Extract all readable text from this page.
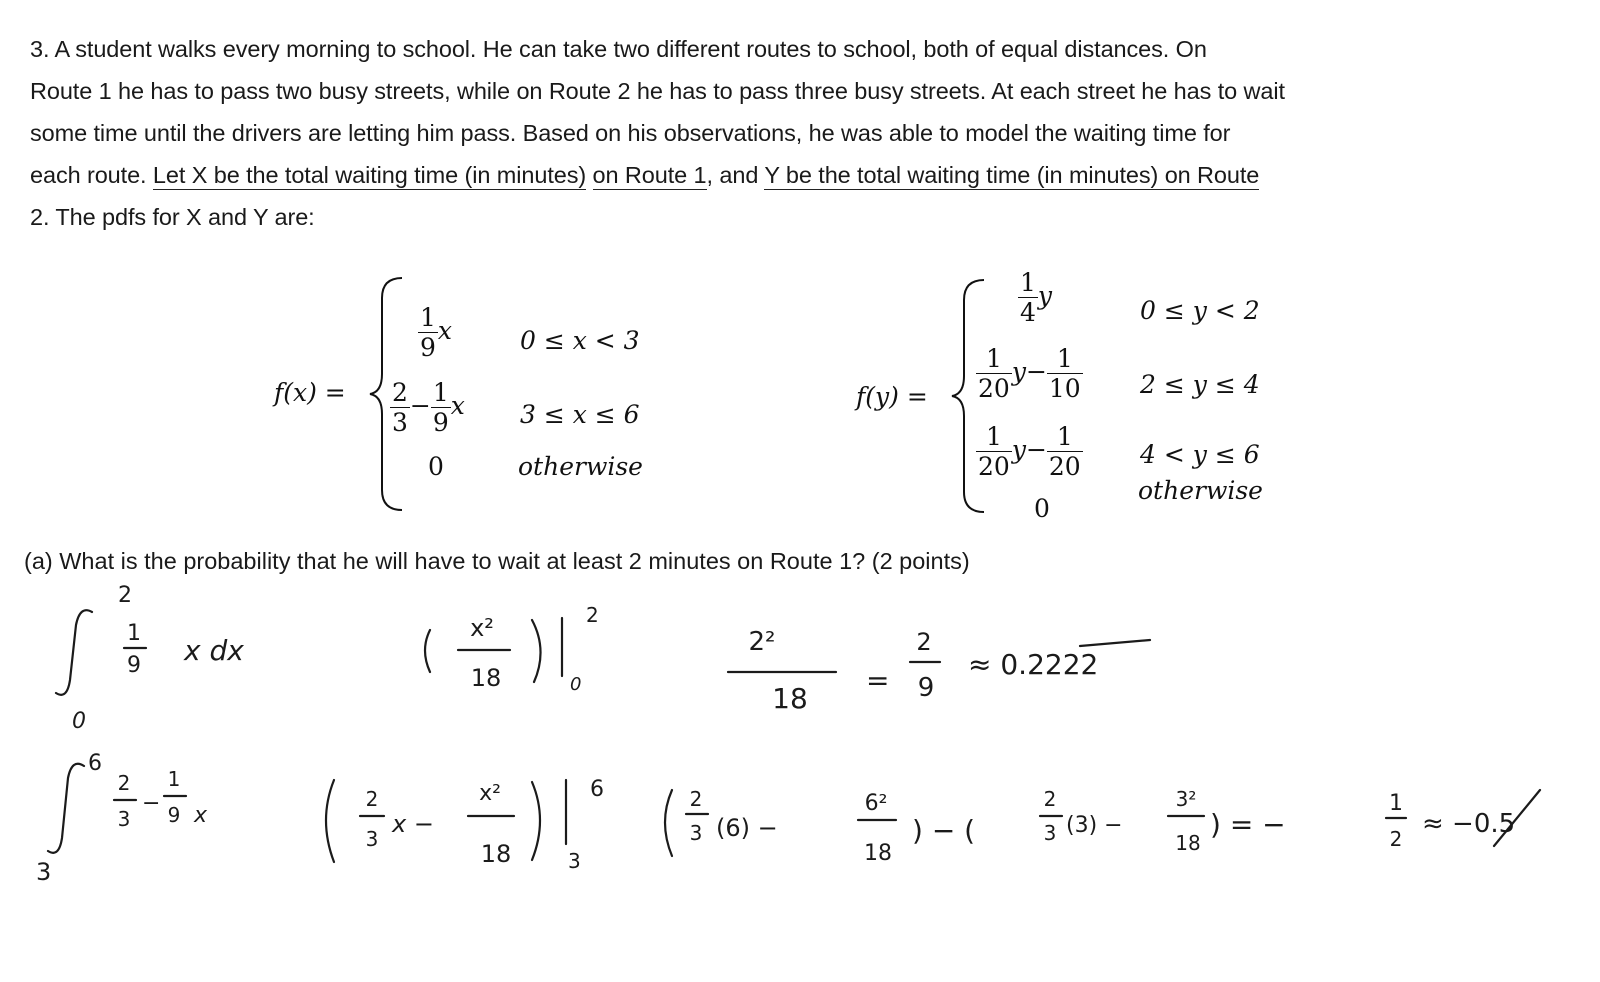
3. A student walks every morning to school. He can take two different routes to school, both of equal distances. On
Route 1 he has to pass two busy streets, while on Route 2 he has to pass three busy streets. At each street he has to wait
some time until the drivers are letting him pass. Based on his observations, he was able to model the waiting time for
each route. Let X be the total waiting time (in minutes) on Route 1, and Y be the total waiting time (in minutes) on Route
2. The pdfs for X and Y are:

f(x) =
$\frac{1}{9}$ x	0 ≤ x < 3
$\frac{2}{3} - \frac{1}{9}$ x 3 ≤ x ≤ 6
0	otherwise
f(y) =
$\frac{1}{4}$ y
0 ≤ y < 2
$\frac{1}{20} y- \frac{1}{10} 2 \le y \le 4$
$\frac{1}{20} y- \frac{1}{20} 4 < y \le 6$
0
otherwise

(a) What is the probability that he will have to wait at least 2 minutes on Route 1? (2 points)

2
0
1
9 x dx
x²
18
2
0
2²
18
=
2
9
≈ 0.2222
6
3
2
3
−
1
9 x
2
3
x −
x²
18
6
3
2
3 (6) −
6²
18
) − (
2
3 (3) −
3²
18
) = −
1
2 ≈ −0.5
